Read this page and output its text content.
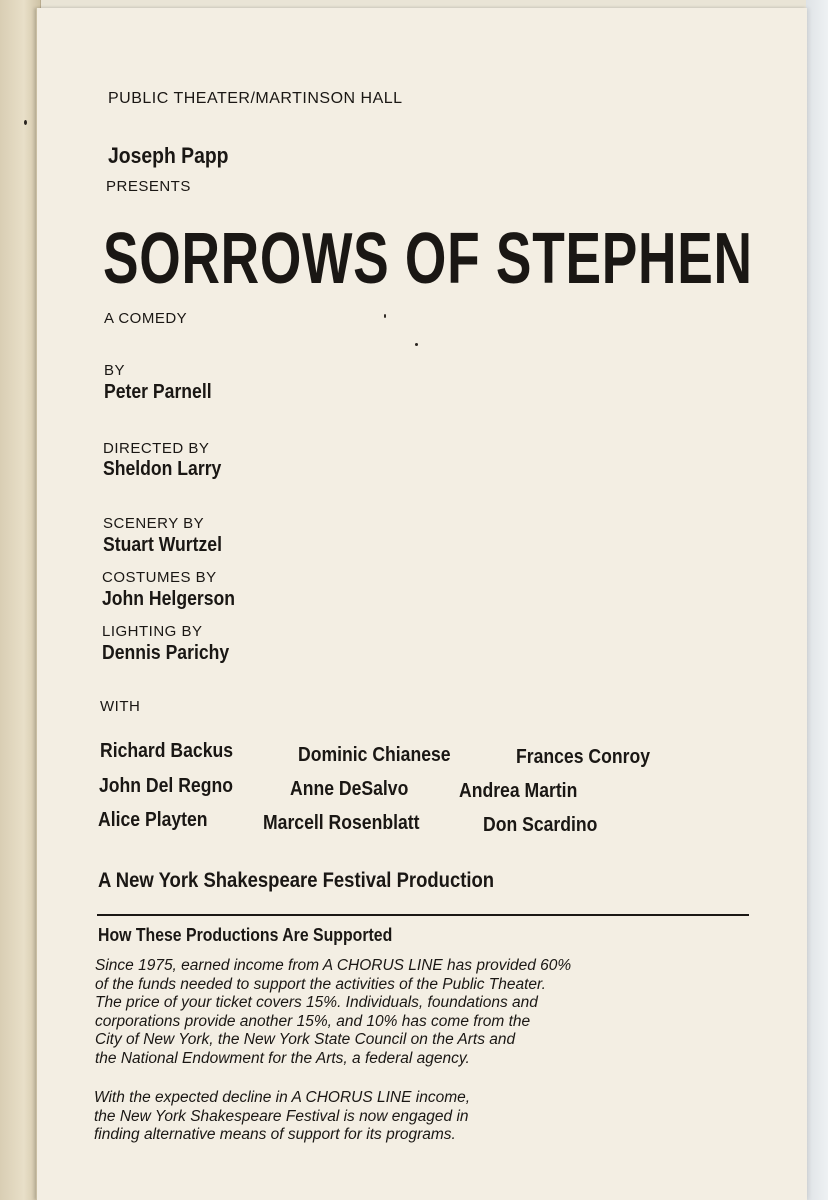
PUBLIC THEATER/MARTINSON HALL
Joseph Papp
PRESENTS
SORROWS OF STEPHEN
A COMEDY
BY
Peter Parnell
DIRECTED BY
Sheldon Larry
SCENERY BY
Stuart Wurtzel
COSTUMES BY
John Helgerson
LIGHTING BY
Dennis Parichy
WITH
Richard Backus	Dominic Chianese	Frances Conroy
John Del Regno	Anne DeSalvo	Andrea Martin
Alice Playten	Marcell Rosenblatt	Don Scardino
A New York Shakespeare Festival Production
How These Productions Are Supported
Since 1975, earned income from A CHORUS LINE has provided 60%
of the funds needed to support the activities of the Public Theater.
The price of your ticket covers 15%. Individuals, foundations and
corporations provide another 15%, and 10% has come from the
City of New York, the New York State Council on the Arts and
the National Endowment for the Arts, a federal agency.
With the expected decline in A CHORUS LINE income,
the New York Shakespeare Festival is now engaged in
finding alternative means of support for its programs.
